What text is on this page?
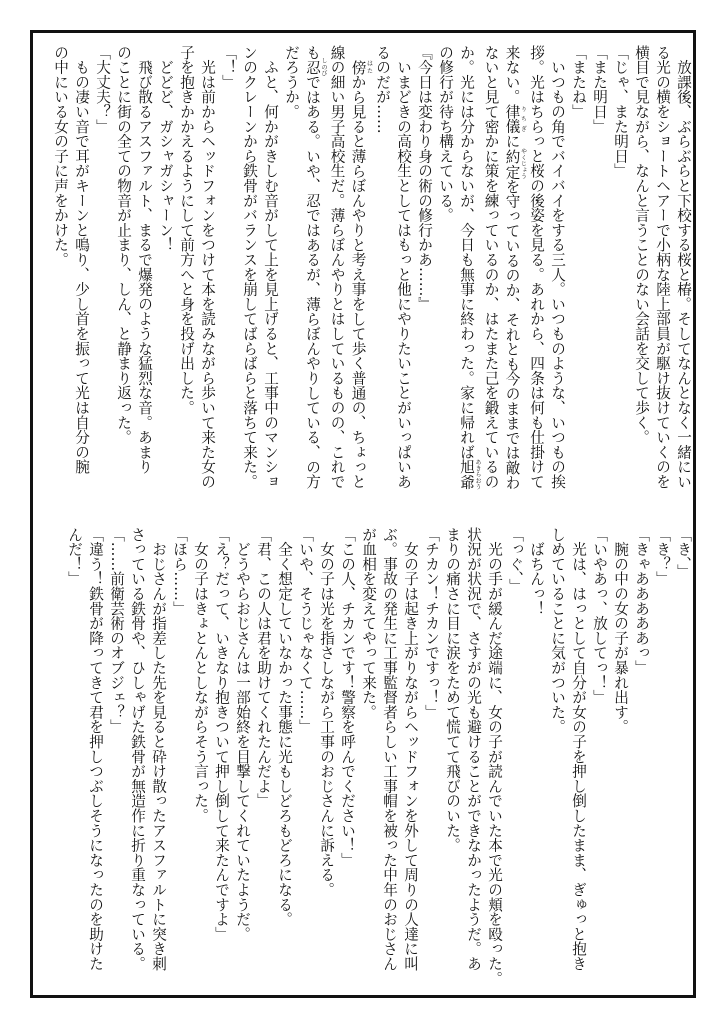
　放課後、ぶらぶらと下校する桜と椿。そしてなんとなく一緒にい
る光の横をショートヘアーで小柄な陸上部員が駆け抜けていくのを
横目で見ながら、なんと言うことのない会話を交して歩く。
「じゃ、また明日」
「また明日」
「またね」
　いつもの角でバイバイをする三人。いつものような、いつもの挨
拶。光はちらっと桜の後姿を見る。あれから、四条は何も仕掛けて
来ない。律儀 りちぎに約定 やくじょうを守っているのか、それとも今のままでは敵わ
ないと見て密かに策を練っているのか、はたまた己を鍛えているの
か。光には分からないが、今日も無事に終わった。家に帰れば旭爺 あきらおう
の修行が待ち構えている。
『今日は変わり身の術の修行かあ……』
　いまどきの高校生としてはもっと他にやりたいことがいっぱいあ
るのだが……
　傍 はたから見ると薄らぼんやりと考え事をして歩く普通の、ちょっと
線の細い男子高校生だ。薄らぼんやりとはしているものの、これで
も忍 しのびではある。いや、忍ではあるが、薄らぼんやりしている、の方
だろうか。
　ふと、何かがきしむ音がして上を見上げると、工事中のマンショ
ンのクレーンから鉄骨がバランスを崩してばらばらと落ちて来た。
「！」
　光は前からヘッドフォンをつけて本を読みながら歩いて来た女の
子を抱きかかえるようにして前方へと身を投げ出した。
　どどど、ガシャガシャーン！
　飛び散るアスファルト、まるで爆発のような猛烈な音。あまり
のことに街の全ての物音が止まり、しん、と静まり返った。
「大丈夫？」
　もの凄い音で耳がキーンと鳴り、少し首を振って光は自分の腕
の中にいる女の子に声をかけた。
「き、」
「き？」
「きゃあああああっ」
　腕の中の女の子が暴れ出す。
「いやあっ、放してっ！」
　光は、はっとして自分が女の子を押し倒したまま、ぎゅっと抱き
しめていることに気がついた。
　ばちんっ！
「っぐ、」
　光の手が緩んだ途端に、女の子が読んでいた本で光の頬を殴った。
状況が状況で、さすがの光も避けることができなかったようだ。あ
まりの痛さに目に涙をためて慌てて飛びのいた。
「チカン！チカンですっ！」
　女の子は起き上がりながらヘッドフォンを外して周りの人達に叫
ぶ。事故の発生に工事監督者らしい工事帽を被った中年のおじさん
が血相を変えてやって来た。
「この人、チカンです！警察を呼んでください！」
　女の子は光を指さしながら工事のおじさんに訴える。
「いや、そうじゃなくて……」
　全く想定していなかった事態に光もしどろもどろになる。
「君、この人は君を助けてくれたんだよ」
　どうやらおじさんは一部始終を目撃してくれていたようだ。
「え？だって、いきなり抱きついて押し倒して来たんですよ」
　女の子はきょとんとしながらそう言った。
「ほら……」
　おじさんが指差した先を見ると砕け散ったアスファルトに突き刺
さっている鉄骨や、ひしゃげた鉄骨が無造作に折り重なっている。
「……前衛芸術のオブジェ？」
「違う！鉄骨が降ってきて君を押しつぶしそうになったのを助けた
んだ！」
